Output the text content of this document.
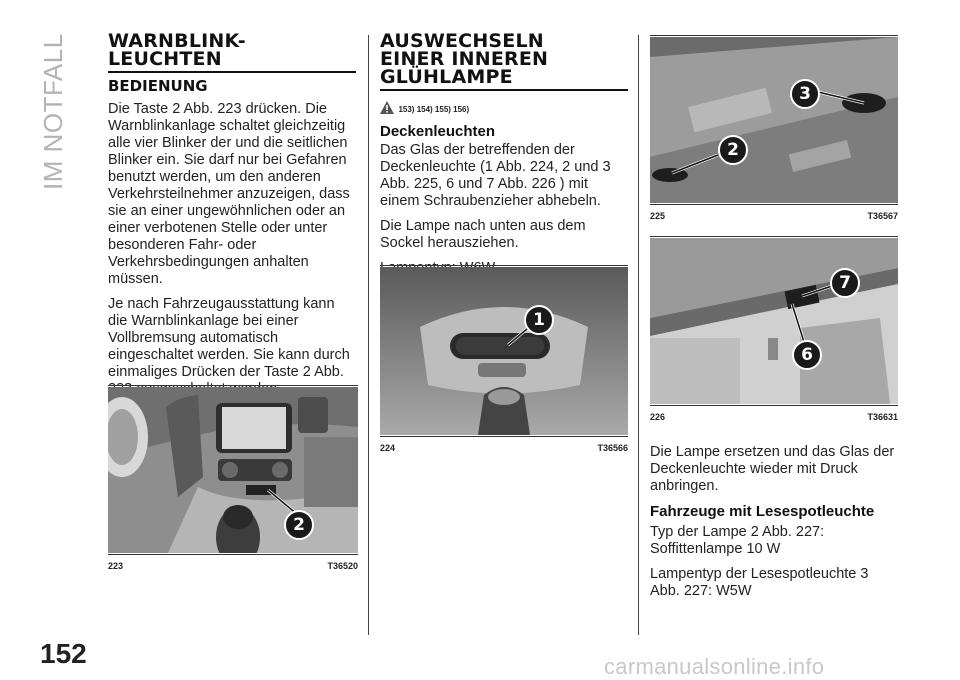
IM NOTFALL
152	carmanualsonline.info
WARNBLINK-
LEUCHTEN
BEDIENUNG

Die Taste 2 Abb. 223 drücken. Die Warnblinkanlage schaltet gleichzeitig alle vier Blinker der und die seitlichen Blinker ein. Sie darf nur bei Gefahren benutzt werden, um den anderen Verkehrsteilnehmer anzuzeigen, dass sie an einer ungewöhnlichen oder an einer verbotenen Stelle oder unter besonderen Fahr- oder Verkehrsbedingungen anhalten müssen.

Je nach Fahrzeugausstattung kann die Warnblinkanlage bei einer Vollbremsung automatisch eingeschaltet werden. Sie kann durch einmaliges Drücken der Taste 2 Abb.

2
223	T36520
AUSWECHSELN
EINER INNEREN
GLÜHLAMPE
153) 154) 155) 156)
Deckenleuchten

Das Glas der betreffenden der Deckenleuchte (1 Abb. 224, 2 und 3 Abb. 225, 6 und 7 Abb. 226 ) mit einem Schraubenzieher abhebeln.

Die Lampe nach unten aus dem Sockel herausziehen.

1
224	T36566
3
2
225	T36567
7
6
226	T36631

Die Lampe ersetzen und das Glas der Deckenleuchte wieder mit Druck anbringen.

Fahrzeuge mit Lesespotleuchte

Typ der Lampe 2 Abb. 227:
Soffittenlampe 10 W

Lampentyp der Lesespotleuchte 3
Abb. 227: W5W
